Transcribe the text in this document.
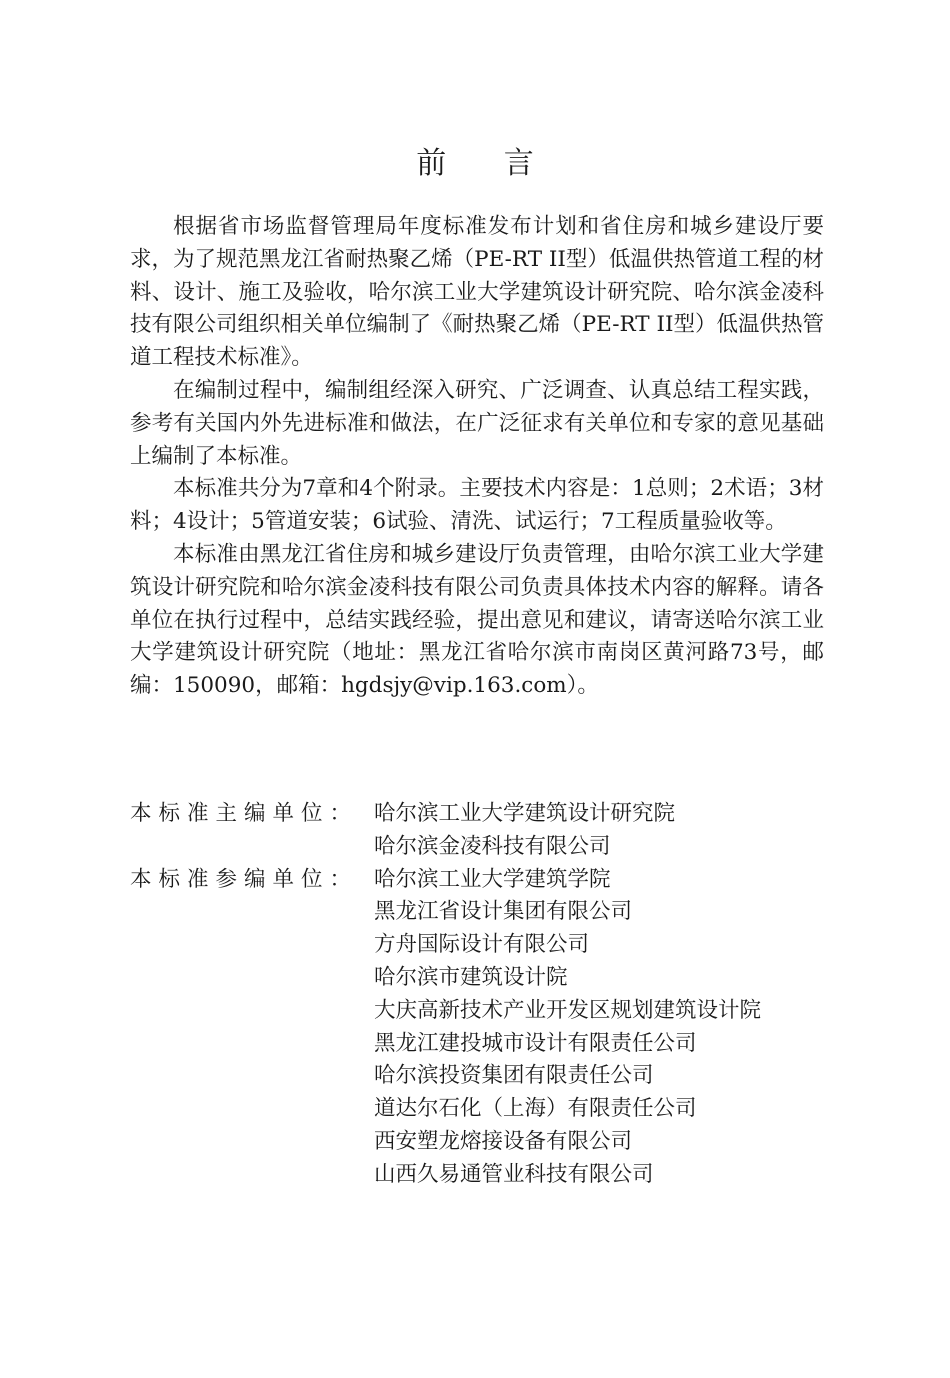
前 言

根据省市场监督管理局年度标准发布计划和省住房和城乡建设厅要求，为了规范黑龙江省耐热聚乙烯（PE-RT II型）低温供热管道工程的材料、设计、施工及验收，哈尔滨工业大学建筑设计研究院、哈尔滨金凌科技有限公司组织相关单位编制了《耐热聚乙烯（PE-RT II型）低温供热管道工程技术标准》。

在编制过程中，编制组经深入研究、广泛调查、认真总结工程实践，参考有关国内外先进标准和做法，在广泛征求有关单位和专家的意见基础上编制了本标准。

本标准共分为7章和4个附录。主要技术内容是：1总则；2术语；3材料；4设计；5管道安装；6试验、清洗、试运行；7工程质量验收等。

本标准由黑龙江省住房和城乡建设厅负责管理，由哈尔滨工业大学建筑设计研究院和哈尔滨金凌科技有限公司负责具体技术内容的解释。请各单位在执行过程中，总结实践经验，提出意见和建议，请寄送哈尔滨工业大学建筑设计研究院（地址：黑龙江省哈尔滨市南岗区黄河路73号，邮编：150090，邮箱：hgdsjy@vip.163.com）。

本标准主编单位： 哈尔滨工业大学建筑设计研究院
哈尔滨金凌科技有限公司
本标准参编单位： 哈尔滨工业大学建筑学院
黑龙江省设计集团有限公司
方舟国际设计有限公司
哈尔滨市建筑设计院
大庆高新技术产业开发区规划建筑设计院
黑龙江建投城市设计有限责任公司
哈尔滨投资集团有限责任公司
道达尔石化（上海）有限责任公司
西安塑龙熔接设备有限公司
山西久易通管业科技有限公司
